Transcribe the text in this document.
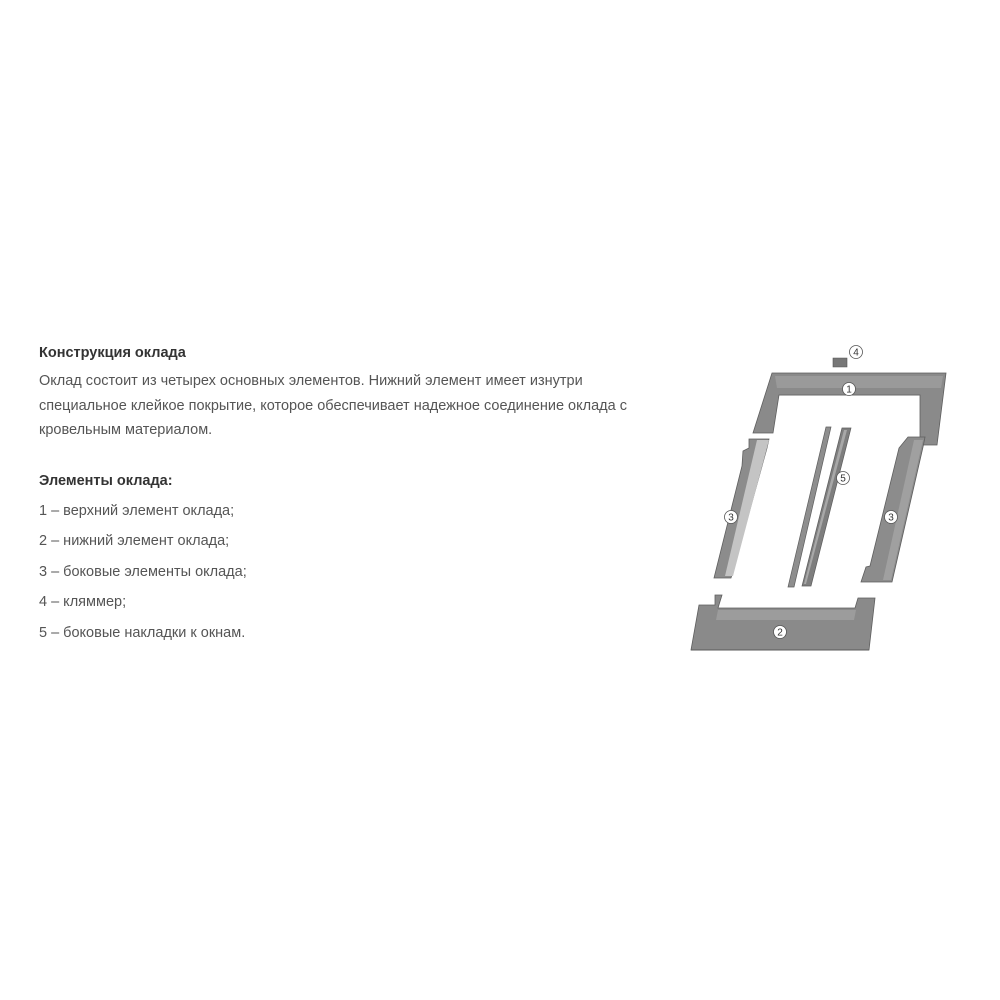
Конструкция оклада

Оклад состоит из четырех основных элементов. Нижний элемент имеет изнутри
специальное клейкое покрытие, которое обеспечивает надежное соединение оклада с
кровельным материалом.

Элементы оклада:
1 – верхний элемент оклада;
2 – нижний элемент оклада;
3 – боковые элементы оклада;
4 – кляммер;
5 – боковые накладки к окнам.
4
1
5
3	3
2
